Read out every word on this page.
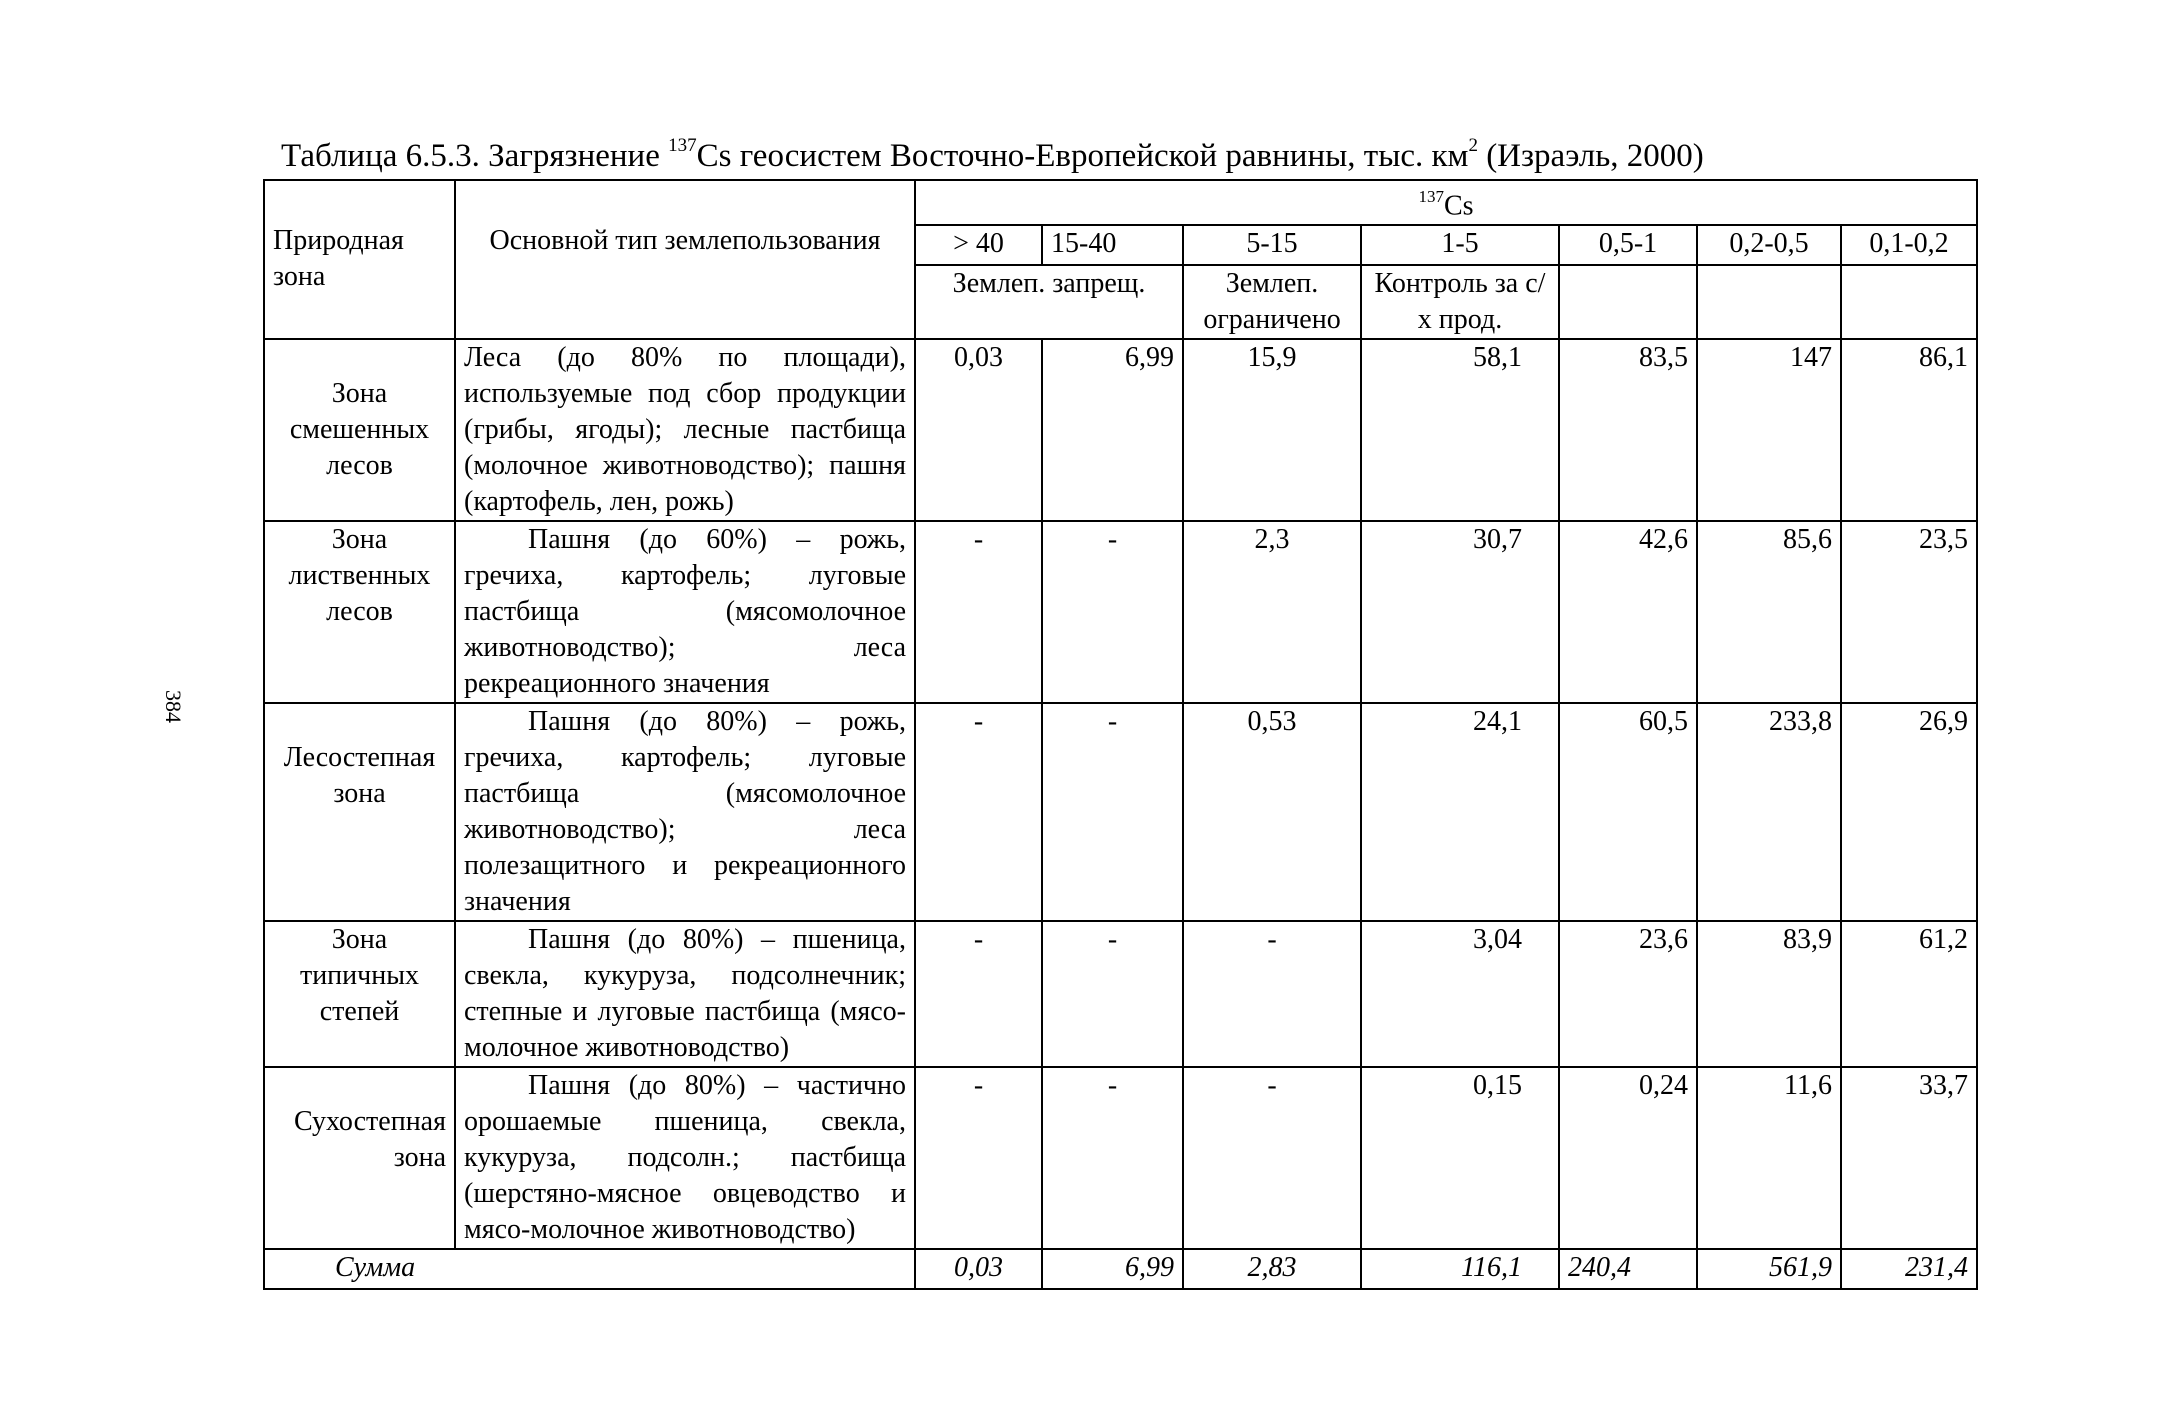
384
Таблица 6.5.3. Загрязнение $^{137}$Cs геосистем Восточно-Европейской равнины, тыс. $км^2$ (Израэль, 2000)
Природная зона	Основной тип землепользования	$^{137}$Cs						
		> 40	15-40	5-15	1-5	0,5-1	0,2-0,5	0,1-0,2
		Землеп. запрещ.		Землеп. ограничено	Контроль за с/х прод.			
Зона смешенных лесов	Леса (до 80% по площади), используемые под сбор продукции (грибы, ягоды); лесные пастбища (молочное животноводство); пашня (картофель, лен, рожь)	0,03	6,99	15,9	58,1	83,5	147	86,1
Зона лиственных лесов	Пашня (до 60%) – рожь, гречиха, картофель; луговые пастбища (мясомолочное животноводство); леса рекреационного значения	-	-	2,3	30,7	42,6	85,6	23,5
Лесостепная зона	Пашня (до 80%) – рожь, гречиха, картофель; луговые пастбища (мясомолочное животноводство); леса полезащитного и рекреационного значения	-	-	0,53	24,1	60,5	233,8	26,9
Зона типичных степей	Пашня (до 80%) – пшеница, свекла, кукуруза, подсолнечник; степные и луговые пастбища (мясо-молочное животноводство)	-	-	-	3,04	23,6	83,9	61,2
Сухостепная зона	Пашня (до 80%) – частично орошаемые пшеница, свекла, кукуруза, подсолн.; пастбища (шерстяно-мясное овцеводство и мясо-молочное животноводство)	-	-	-	0,15	0,24	11,6	33,7
Сумма		0,03	6,99	2,83	116,1	240,4	561,9	231,4
